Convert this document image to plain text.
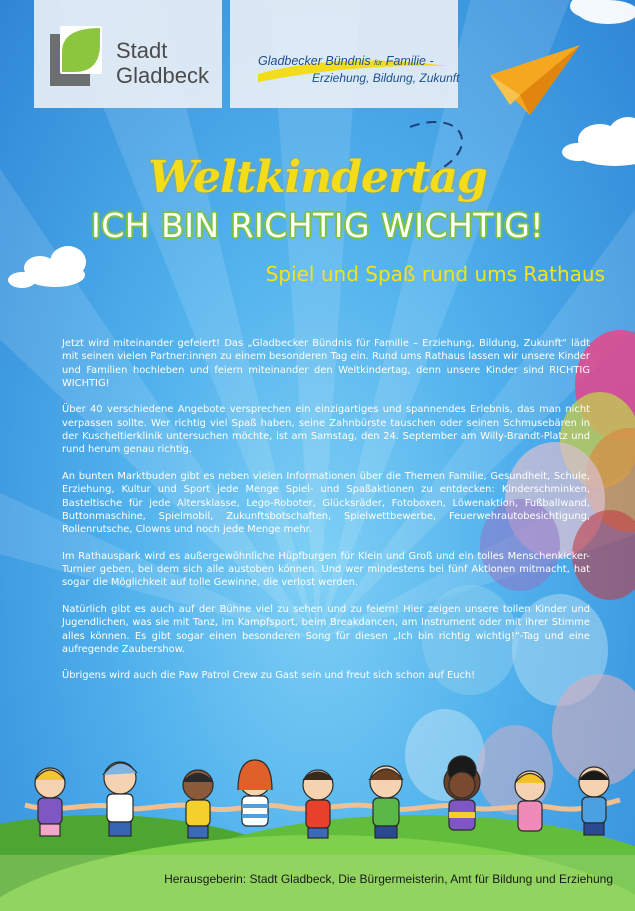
Stadt
Gladbeck
Gladbecker Bündnis für Familie -
Erziehung, Bildung, Zukunft
Weltkindertag
ICH BIN RICHTIG WICHTIG!
Spiel und Spaß rund ums Rathaus

Jetzt wird miteinander gefeiert! Das „Gladbecker Bündnis für Familie – Erziehung, Bildung, Zukunft“ lädt mit seinen vielen Partner:innen zu einem besonderen Tag ein. Rund ums Rathaus lassen wir unsere Kinder und Familien hochleben und feiern miteinander den Weltkindertag, denn unsere Kinder sind RICHTIG WICHTIG!

Über 40 verschiedene Angebote versprechen ein einzigartiges und spannendes Erlebnis, das man nicht verpassen sollte. Wer richtig viel Spaß haben, seine Zahnbürste tauschen oder seinen Schmusebären in der Kuscheltierklinik untersuchen möchte, ist am Samstag, den 24. September am Willy-Brandt-Platz und rund herum genau richtig.

An bunten Marktbuden gibt es neben vielen Informationen über die Themen Familie, Gesundheit, Schule, Erziehung, Kultur und Sport jede Menge Spiel- und Spaßaktionen zu entdecken: Kinderschminken, Basteltische für jede Altersklasse, Lego-Roboter, Glücksräder, Fotoboxen, Löwenaktion, Fußballwand, Buttonmaschine, Spielmobil, Zukunftsbotschaften, Spielwettbewerbe, Feuerwehrautobesichtigung, Rollenrutsche, Clowns und noch jede Menge mehr.

Im Rathauspark wird es außergewöhnliche Hüpfburgen für Klein und Groß und ein tolles Menschenkicker-Turnier geben, bei dem sich alle austoben können. Und wer mindestens bei fünf Aktionen mitmacht, hat sogar die Möglichkeit auf tolle Gewinne, die verlost werden.

Natürlich gibt es auch auf der Bühne viel zu sehen und zu feiern! Hier zeigen unsere tollen Kinder und Jugendlichen, was sie mit Tanz, im Kampfsport, beim Breakdancen, am Instrument oder mit ihrer Stimme alles können. Es gibt sogar einen besonderen Song für diesen „Ich bin richtig wichtig!“-Tag und eine aufregende Zaubershow.

Übrigens wird auch die Paw Patrol Crew zu Gast sein und freut sich schon auf Euch!

Herausgeberin: Stadt Gladbeck, Die Bürgermeisterin, Amt für Bildung und Erziehung
